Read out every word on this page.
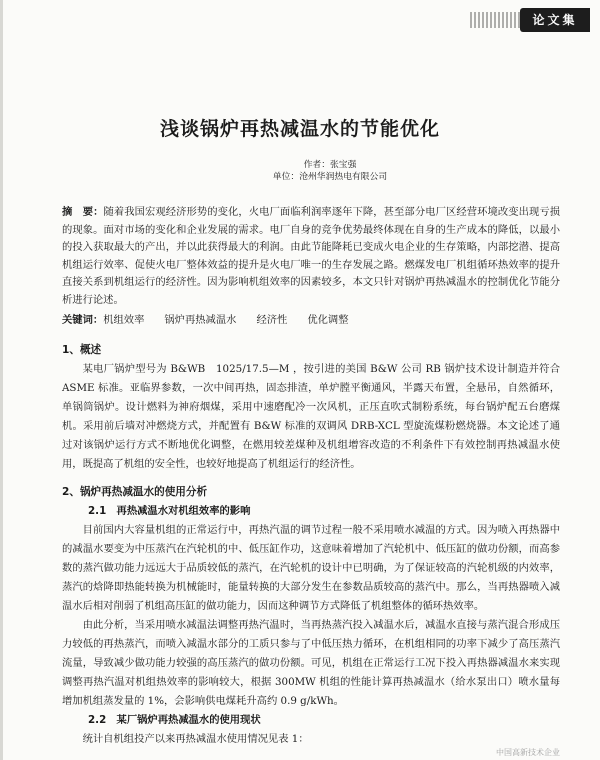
论文集
浅谈锅炉再热减温水的节能优化
作者：张宝强
单位：沧州华润热电有限公司

摘　要：随着我国宏观经济形势的变化，火电厂面临利润率逐年下降，甚至部分电厂区经营环境改变出现亏损的现象。面对市场的变化和企业发展的需求。电厂自身的竞争优势最终体现在自身的生产成本的降低，以最小的投入获取最大的产出，并以此获得最大的利润。由此节能降耗已变成火电企业的生存策略，内部挖潜、提高机组运行效率、促使火电厂整体效益的提升是火电厂唯一的生存发展之路。燃煤发电厂机组循环热效率的提升直接关系到机组运行的经济性。因为影响机组效率的因素较多，本文只针对锅炉再热减温水的控制优化节能分析进行论述。

关键词：机组效率 锅炉再热减温水 经济性 优化调整
1、概述

某电厂锅炉型号为 B&WB　1025/17.5—M ，按引进的美国 B&W 公司 RB 锅炉技术设计制造并符合 ASME 标准。亚临界参数，一次中间再热，固态排渣，单炉膛平衡通风，半露天布置，全悬吊，自然循环，单锅筒锅炉。设计燃料为神府烟煤，采用中速磨配冷一次风机，正压直吹式制粉系统，每台锅炉配五台磨煤机。采用前后墙对冲燃烧方式，并配置有 B&W 标准的双调风 DRB-XCL 型旋流煤粉燃烧器。本文论述了通过对该锅炉运行方式不断地优化调整，在燃用较差煤种及机组增容改造的不利条件下有效控制再热减温水使用，既提高了机组的安全性，也较好地提高了机组运行的经济性。

2、锅炉再热减温水的使用分析
2.1　再热减温水对机组效率的影响

目前国内大容量机组的正常运行中，再热汽温的调节过程一般不采用喷水减温的方式。因为喷入再热器中的减温水要变为中压蒸汽在汽轮机的中、低压缸作功，这意味着增加了汽轮机中、低压缸的做功份额，而高参数的蒸汽做功能力远远大于品质较低的蒸汽，在汽轮机的设计中已明确，为了保证较高的汽轮机级的内效率，蒸汽的焓降即热能转换为机械能时，能量转换的大部分发生在参数品质较高的蒸汽中。那么，当再热器喷入减温水后相对削弱了机组高压缸的做功能力，因而这种调节方式降低了机组整体的循环热效率。

由此分析，当采用喷水减温法调整再热汽温时，当再热蒸汽投入减温水后，减温水直接与蒸汽混合形成压力较低的再热蒸汽，而喷入减温水部分的工质只参与了中低压热力循环，在机组相同的功率下减少了高压蒸汽流量，导致减少做功能力较强的高压蒸汽的做功份额。可见，机组在正常运行工况下投入再热器减温水来实现调整再热汽温对机组热效率的影响较大，根据 300MW 机组的性能计算再热减温水（给水泵出口）喷水量每增加机组蒸发量的 1%，会影响供电煤耗升高约 0.9 g/kWh。

2.2　某厂锅炉再热减温水的使用现状

统计自机组投产以来再热减温水使用情况见表 1：

中国高新技术企业
